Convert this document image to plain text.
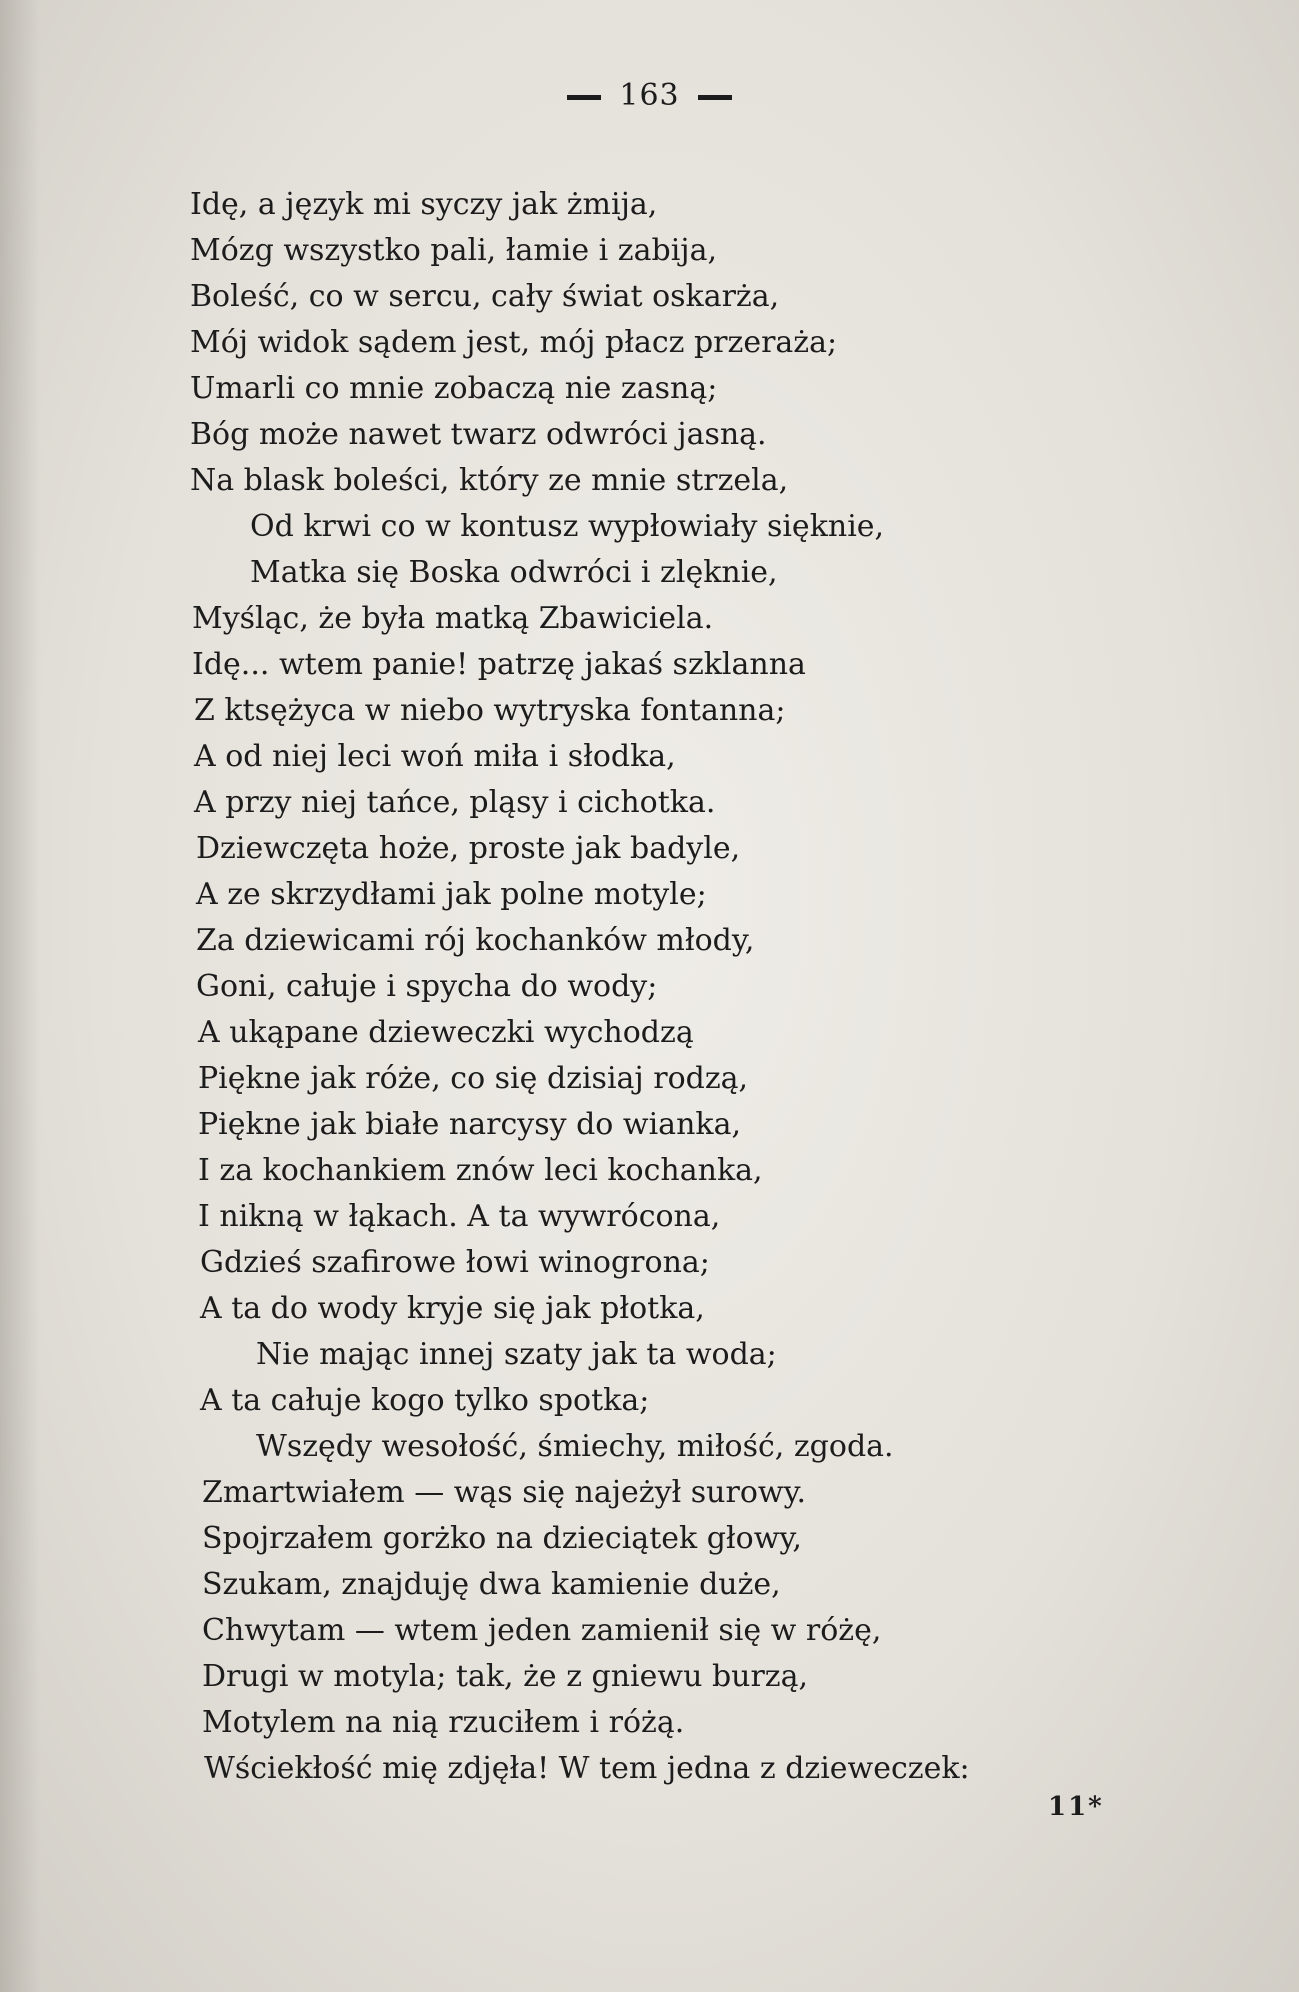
163
Idę, a język mi syczy jak żmija,
Mózg wszystko pali, łamie i zabija,
Boleść, co w sercu, cały świat oskarża,
Mój widok sądem jest, mój płacz przeraża;
Umarli co mnie zobaczą nie zasną;
Bóg może nawet twarz odwróci jasną.
Na blask boleści, który ze mnie strzela,
Od krwi co w kontusz wypłowiały sięknie,
Matka się Boska odwróci i zlęknie,
Myśląc, że była matką Zbawiciela.
Idę... wtem panie! patrzę jakaś szklanna
Z ktsężyca w niebo wytryska fontanna;
A od niej leci woń miła i słodka,
A przy niej tańce, pląsy i cichotka.
Dziewczęta hoże, proste jak badyle,
A ze skrzydłami jak polne motyle;
Za dziewicami rój kochanków młody,
Goni, całuje i spycha do wody;
A ukąpane dzieweczki wychodzą
Piękne jak róże, co się dzisiaj rodzą,
Piękne jak białe narcysy do wianka,
I za kochankiem znów leci kochanka,
I nikną w łąkach. A ta wywrócona,
Gdzieś szafirowe łowi winogrona;
A ta do wody kryje się jak płotka,
Nie mając innej szaty jak ta woda;
A ta całuje kogo tylko spotka;
Wszędy wesołość, śmiechy, miłość, zgoda.
Zmartwiałem — wąs się najeżył surowy.
Spojrzałem gorżko na dzieciątek głowy,
Szukam, znajduję dwa kamienie duże,
Chwytam — wtem jeden zamienił się w różę,
Drugi w motyla; tak, że z gniewu burzą,
Motylem na nią rzuciłem i różą.
Wściekłość mię zdjęła! W tem jedna z dzieweczek:
11*
